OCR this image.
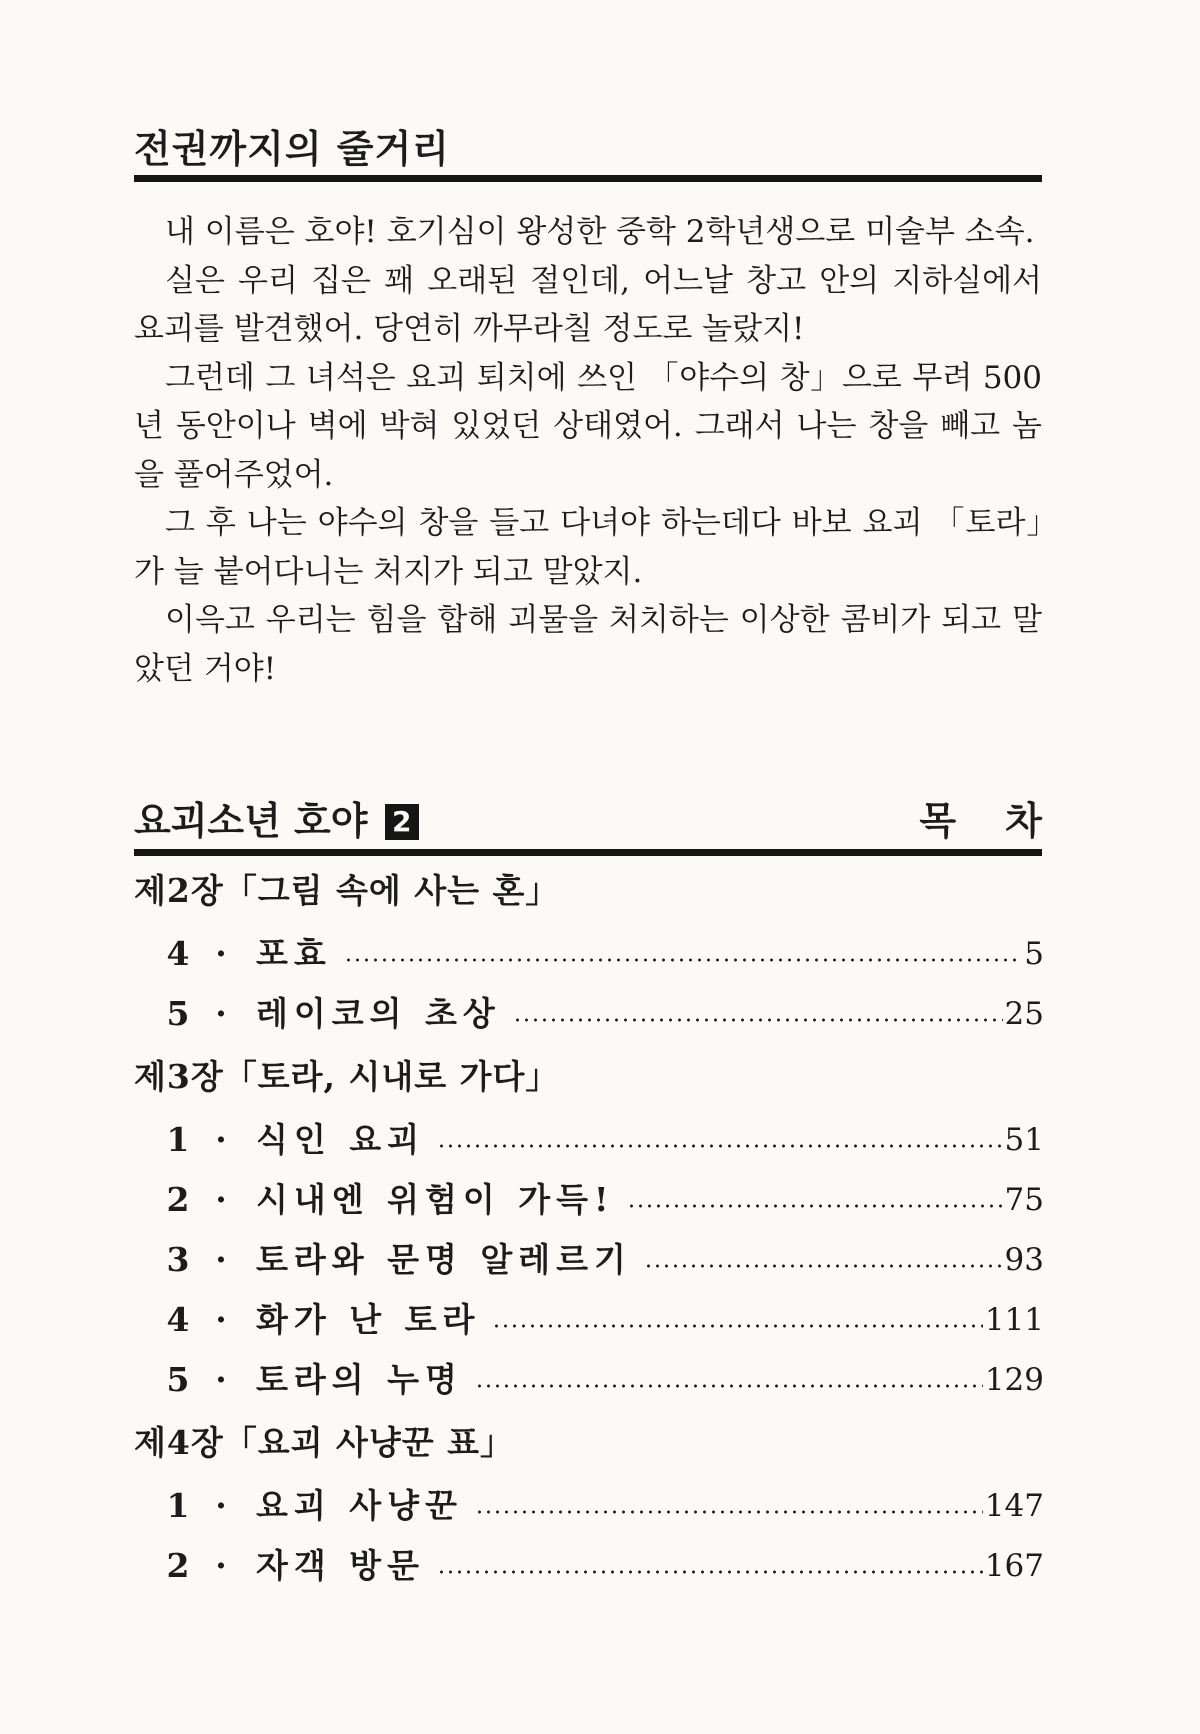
전권까지의 줄거리

내 이름은 호야! 호기심이 왕성한 중학 2학년생으로 미술부 소속.

실은 우리 집은 꽤 오래된 절인데, 어느날 창고 안의 지하실에서 요괴를 발견했어. 당연히 까무라칠 정도로 놀랐지!

그런데 그 녀석은 요괴 퇴치에 쓰인 「야수의 창」으로 무려 500년 동안이나 벽에 박혀 있었던 상태였어. 그래서 나는 창을 빼고 놈을 풀어주었어.

그 후 나는 야수의 창을 들고 다녀야 하는데다 바보 요괴 「토라」가 늘 붙어다니는 처지가 되고 말았지.

이윽고 우리는 힘을 합해 괴물을 처치하는 이상한 콤비가 되고 말았던 거야!

요괴소년 호야 2	목 차
제2장「그림 속에 사는 혼」
4 · 포효	5
5 · 레이코의 초상	25
제3장「토라, 시내로 가다」
1 · 식인 요괴	51
2 · 시내엔 위험이 가득!	75
3 · 토라와 문명 알레르기	93
4 · 화가 난 토라	111
5 · 토라의 누명	129
제4장「요괴 사냥꾼 표」
1 · 요괴 사냥꾼	147
2 · 자객 방문	167
